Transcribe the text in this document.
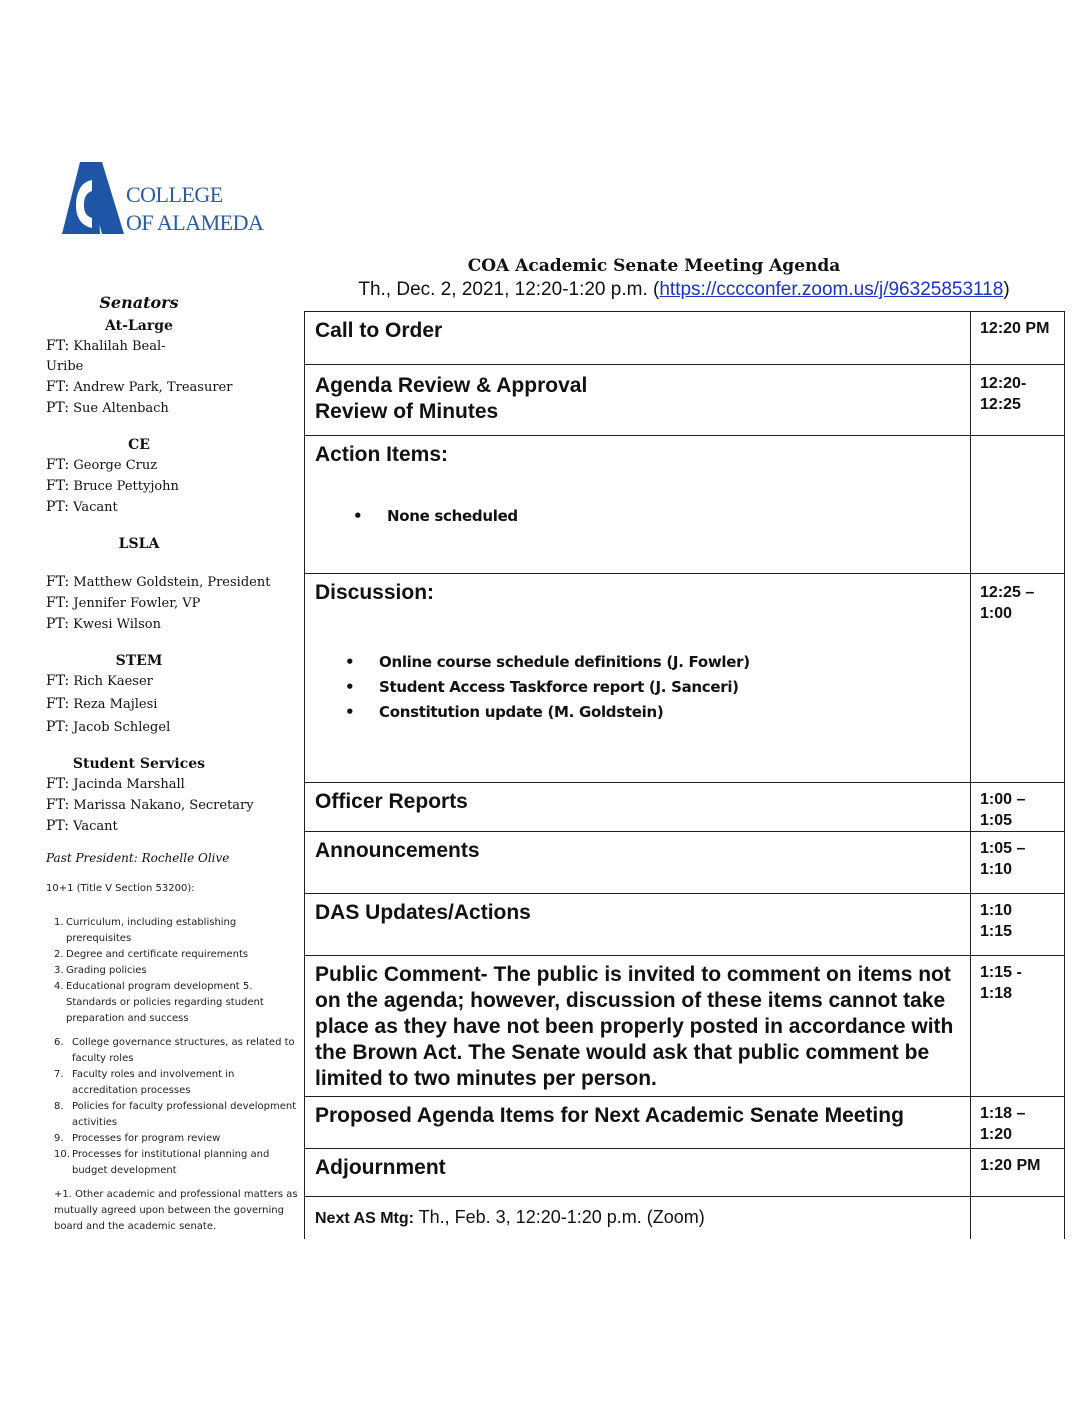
COLLEGE
OF ALAMEDA

Senators

At-Large

FT: Khalilah Beal-

Uribe

FT: Andrew Park, Treasurer

PT: Sue Altenbach

CE

FT: George Cruz

FT: Bruce Pettyjohn

PT: Vacant

LSLA

FT: Matthew Goldstein, President

FT: Jennifer Fowler, VP

PT: Kwesi Wilson

STEM

FT: Rich Kaeser

FT: Reza Majlesi

PT: Jacob Schlegel

Student Services

FT: Jacinda Marshall

FT: Marissa Nakano, Secretary

PT: Vacant

Past President: Rochelle Olive

10+1 (Title V Section 53200):
1. Curriculum, including establishing
prerequisites
2. Degree and certificate requirements
3. Grading policies
4. Educational program development 5.
Standards or policies regarding student
preparation and success
6. College governance structures, as related to
faculty roles
7. Faculty roles and involvement in
accreditation processes
8. Policies for faculty professional development
activities
9. Processes for program review
10. Processes for institutional planning and
budget development
+1. Other academic and professional matters as
mutually agreed upon between the governing
board and the academic senate.
COA Academic Senate Meeting Agenda
Th., Dec. 2, 2021, 12:20-1:20 p.m. (https://cccconfer.zoom.us/j/96325853118)
Call to Order	12:20 PM

Agenda Review & Approval
Review of Minutes
	12:20-
12:25

Action Items:
• None scheduled

Discussion:
• Online course schedule definitions (J. Fowler)
• Student Access Taskforce report (J. Sanceri)
• Constitution update (M. Goldstein)
	12:25 –
1:00

Officer Reports	1:00 –
1:05

Announcements	1:05 –
1:10

DAS Updates/Actions	1:10
1:15

Public Comment- The public is invited to comment on items not on the agenda; however, discussion of these items cannot take place as they have not been properly posted in accordance with the Brown Act. The Senate would ask that public comment be limited to two minutes per person.	1:15 -
1:18

Proposed Agenda Items for Next Academic Senate Meeting	1:18 –
1:20

Adjournment	1:20 PM

Next AS Mtg: Th., Feb. 3, 12:20-1:20 p.m. (Zoom)	
